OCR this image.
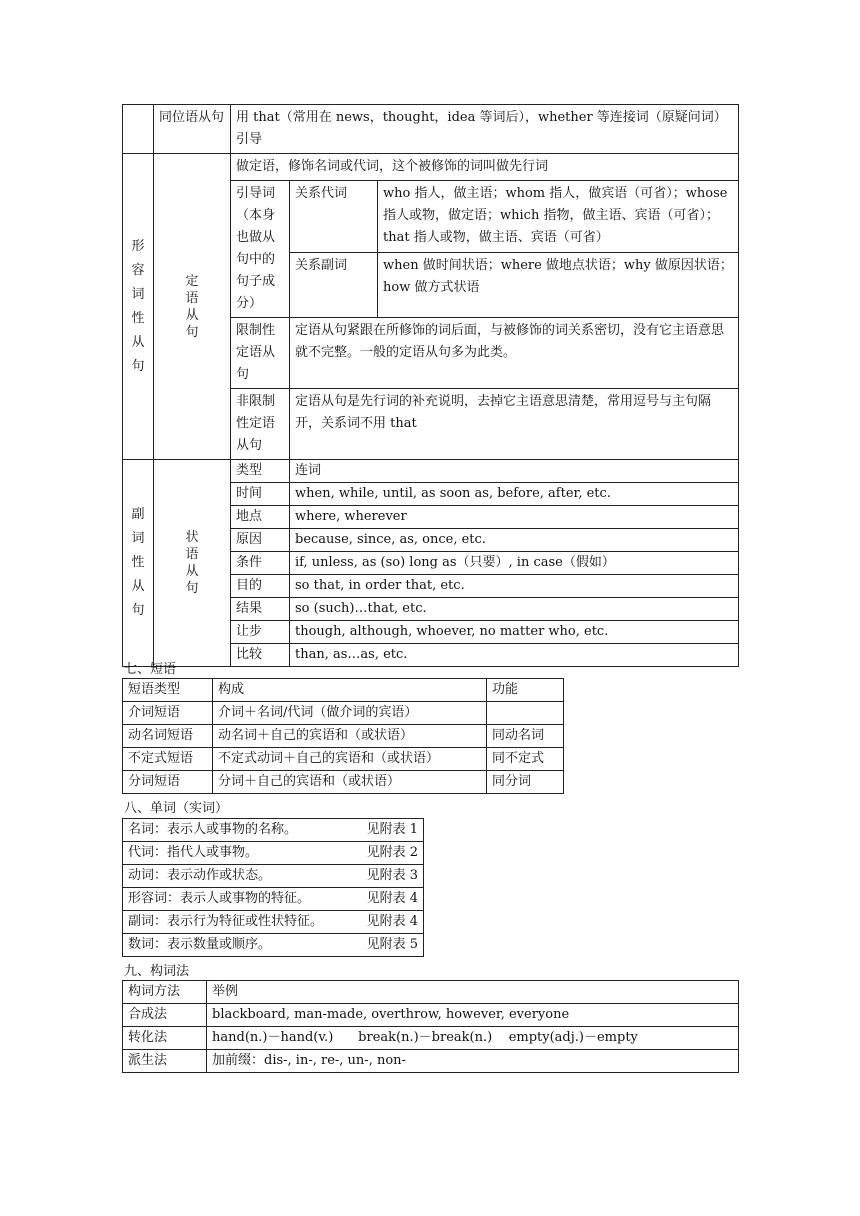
	同位语从句	用 that（常用在 news，thought，idea 等词后），whether 等连接词（原疑问词）引导		
形容词性从句	定语从句	做定语，修饰名词或代词，这个被修饰的词叫做先行词		
		引导词（本身也做从句中的句子成分）	关系代词	who 指人，做主语；whom 指人，做宾语（可省）；whose 指人或物，做定语；which 指物，做主语、宾语（可省）；that 指人或物，做主语、宾语（可省）
			关系副词	when 做时间状语；where 做地点状语；why 做原因状语；how 做方式状语
		限制性定语从句	定语从句紧跟在所修饰的词后面，与被修饰的词关系密切，没有它主语意思就不完整。一般的定语从句多为此类。	
		非限制性定语从句	定语从句是先行词的补充说明，去掉它主语意思清楚，常用逗号与主句隔开，关系词不用 that	
副词性从句	状语从句	类型	连词	
		时间	when, while, until, as soon as, before, after, etc.	
		地点	where, wherever	
		原因	because, since, as, once, etc.	
		条件	if, unless, as (so) long as（只要）, in case（假如）	
		目的	so that, in order that, etc.	
		结果	so (such)…that, etc.	
		让步	though, although, whoever, no matter who, etc.	
		比较	than, as…as, etc.	
七、短语
短语类型	构成	功能
介词短语	介词＋名词/代词（做介词的宾语）	
动名词短语	动名词＋自己的宾语和（或状语）	同动名词
不定式短语	不定式动词＋自己的宾语和（或状语）	同不定式
分词短语	分词＋自己的宾语和（或状语）	同分词
八、单词（实词）
名词：表示人或事物的名称。	见附表 1

代词：指代人或事物。	见附表 2

动词：表示动作或状态。	见附表 3

形容词：表示人或事物的特征。	见附表 4

副词：表示行为特征或性状特征。	见附表 4

数词：表示数量或顺序。	见附表 5
九、构词法
构词方法	举例
合成法	blackboard, man-made, overthrow, however, everyone
转化法	hand(n.)－hand(v.)      break(n.)－break(n.)    empty(adj.)－empty
派生法	加前缀：dis-, in-, re-, un-, non-
